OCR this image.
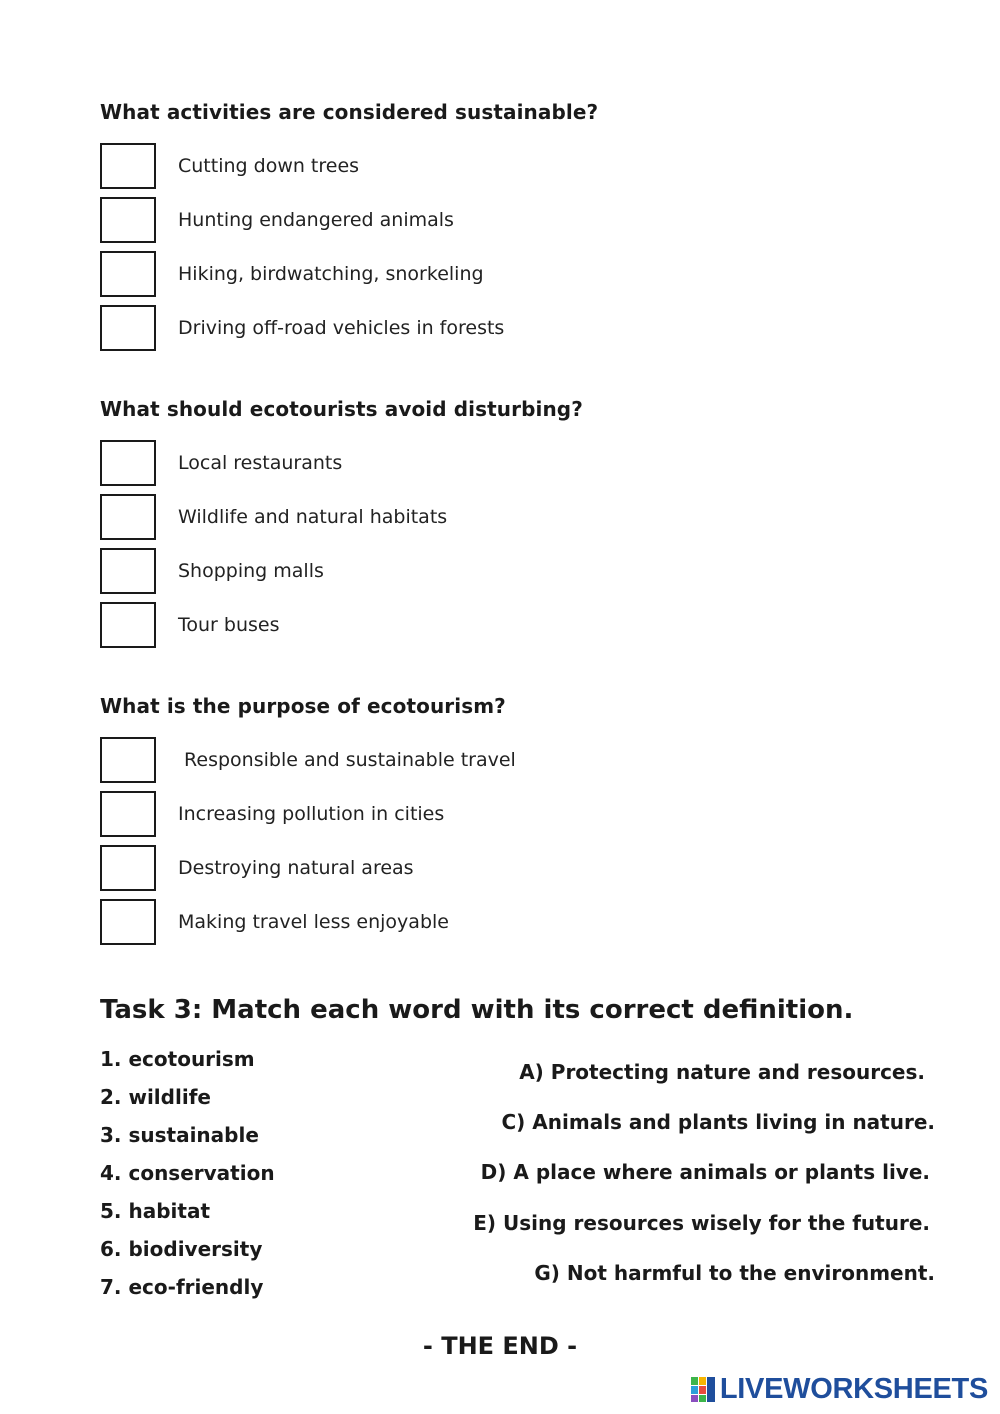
What activities are considered sustainable?
Cutting down trees
Hunting endangered animals
Hiking, birdwatching, snorkeling
Driving off-road vehicles in forests
What should ecotourists avoid disturbing?
Local restaurants
Wildlife and natural habitats
Shopping malls
Tour buses
What is the purpose of ecotourism?
Responsible and sustainable travel
Increasing pollution in cities
Destroying natural areas
Making travel less enjoyable
Task 3: Match each word with its correct definition.
1. ecotourism
2. wildlife
3. sustainable
4. conservation
5. habitat
6. biodiversity
7. eco-friendly
A) Protecting nature and resources.
C) Animals and plants living in nature.
D) A place where animals or plants live.
E) Using resources wisely for the future.
G) Not harmful to the environment.
- THE END -
LIVEWORKSHEETS
